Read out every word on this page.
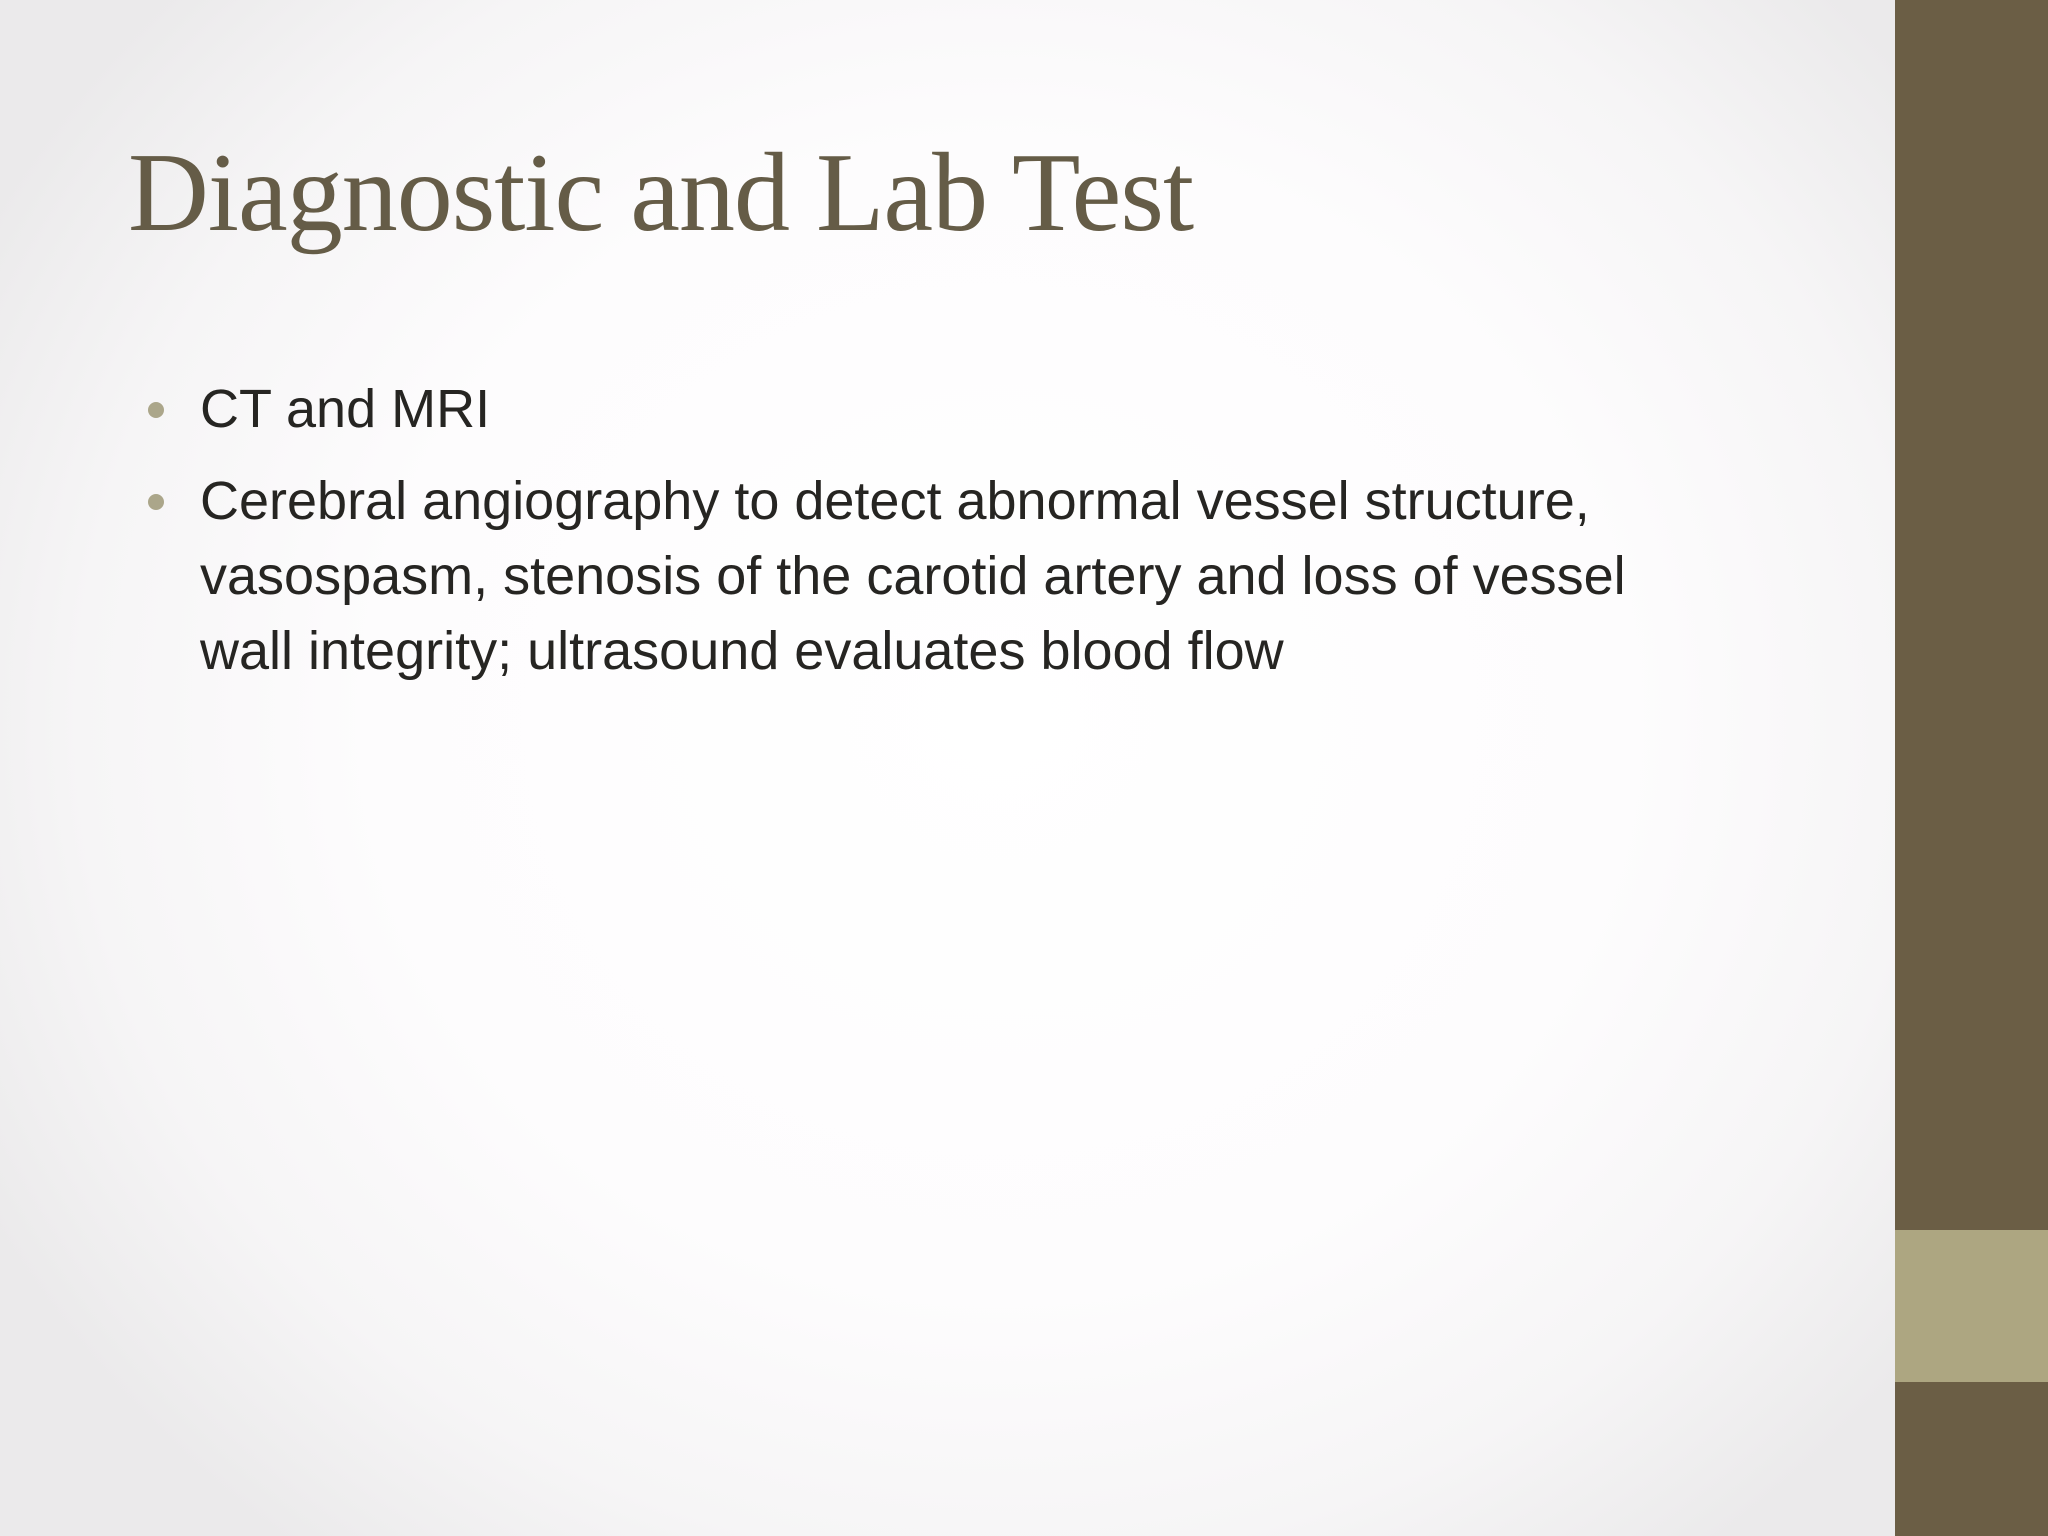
Diagnostic and Lab Test
CT and MRI
Cerebral angiography to detect abnormal vessel structure, vasospasm, stenosis of the carotid artery and loss of vessel wall integrity; ultrasound evaluates blood flow
